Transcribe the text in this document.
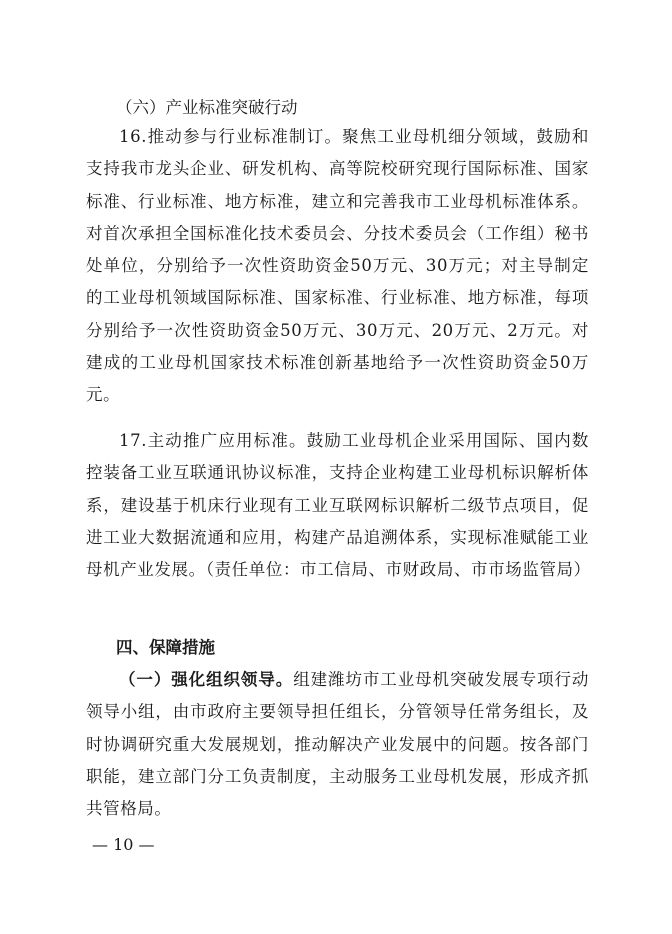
（六）产业标准突破行动

16.推动参与行业标准制订。聚焦工业母机细分领域，鼓励和支持我市龙头企业、研发机构、高等院校研究现行国际标准、国家标准、行业标准、地方标准，建立和完善我市工业母机标准体系。对首次承担全国标准化技术委员会、分技术委员会（工作组）秘书处单位，分别给予一次性资助资金50万元、30万元；对主导制定的工业母机领域国际标准、国家标准、行业标准、地方标准，每项分别给予一次性资助资金50万元、30万元、20万元、2万元。对建成的工业母机国家技术标准创新基地给予一次性资助资金50万元。

17.主动推广应用标准。鼓励工业母机企业采用国际、国内数控装备工业互联通讯协议标准，支持企业构建工业母机标识解析体系，建设基于机床行业现有工业互联网标识解析二级节点项目，促进工业大数据流通和应用，构建产品追溯体系，实现标准赋能工业母机产业发展。（责任单位：市工信局、市财政局、市市场监管局）

四、保障措施

（一）强化组织领导。组建潍坊市工业母机突破发展专项行动领导小组，由市政府主要领导担任组长，分管领导任常务组长，及时协调研究重大发展规划，推动解决产业发展中的问题。按各部门职能，建立部门分工负责制度，主动服务工业母机发展，形成齐抓共管格局。

— 10 —
